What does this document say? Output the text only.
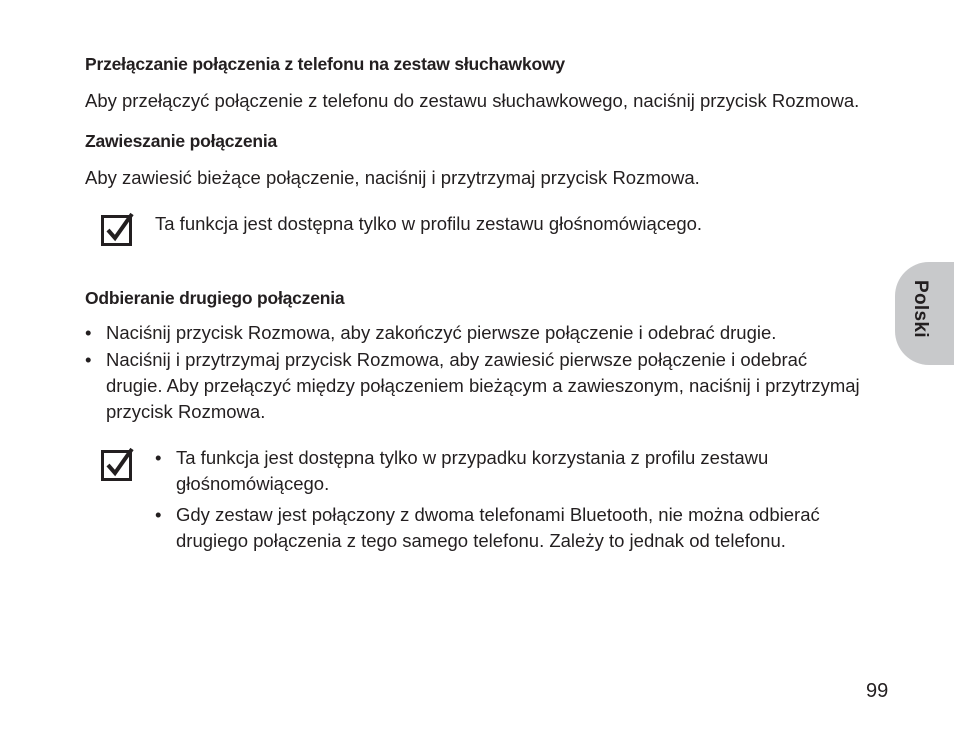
Przełączanie połączenia z telefonu na zestaw słuchawkowy

Aby przełączyć połączenie z telefonu do zestawu słuchawkowego, naciśnij przycisk Rozmowa.

Zawieszanie połączenia

Aby zawiesić bieżące połączenie, naciśnij i przytrzymaj przycisk Rozmowa.

Ta funkcja jest dostępna tylko w profilu zestawu głośnomówiącego.
Odbieranie drugiego połączenia
• Naciśnij przycisk Rozmowa, aby zakończyć pierwsze połączenie i odebrać drugie.
• Naciśnij i przytrzymaj przycisk Rozmowa, aby zawiesić pierwsze połączenie i odebrać drugie. Aby przełączyć między połączeniem bieżącym a zawieszonym, naciśnij i przytrzymaj przycisk Rozmowa.
• Ta funkcja jest dostępna tylko w przypadku korzystania z profilu zestawu głośnomówiącego.
• Gdy zestaw jest połączony z dwoma telefonami Bluetooth, nie można odbierać drugiego połączenia z tego samego telefonu. Zależy to jednak od telefonu.
Polski
99
